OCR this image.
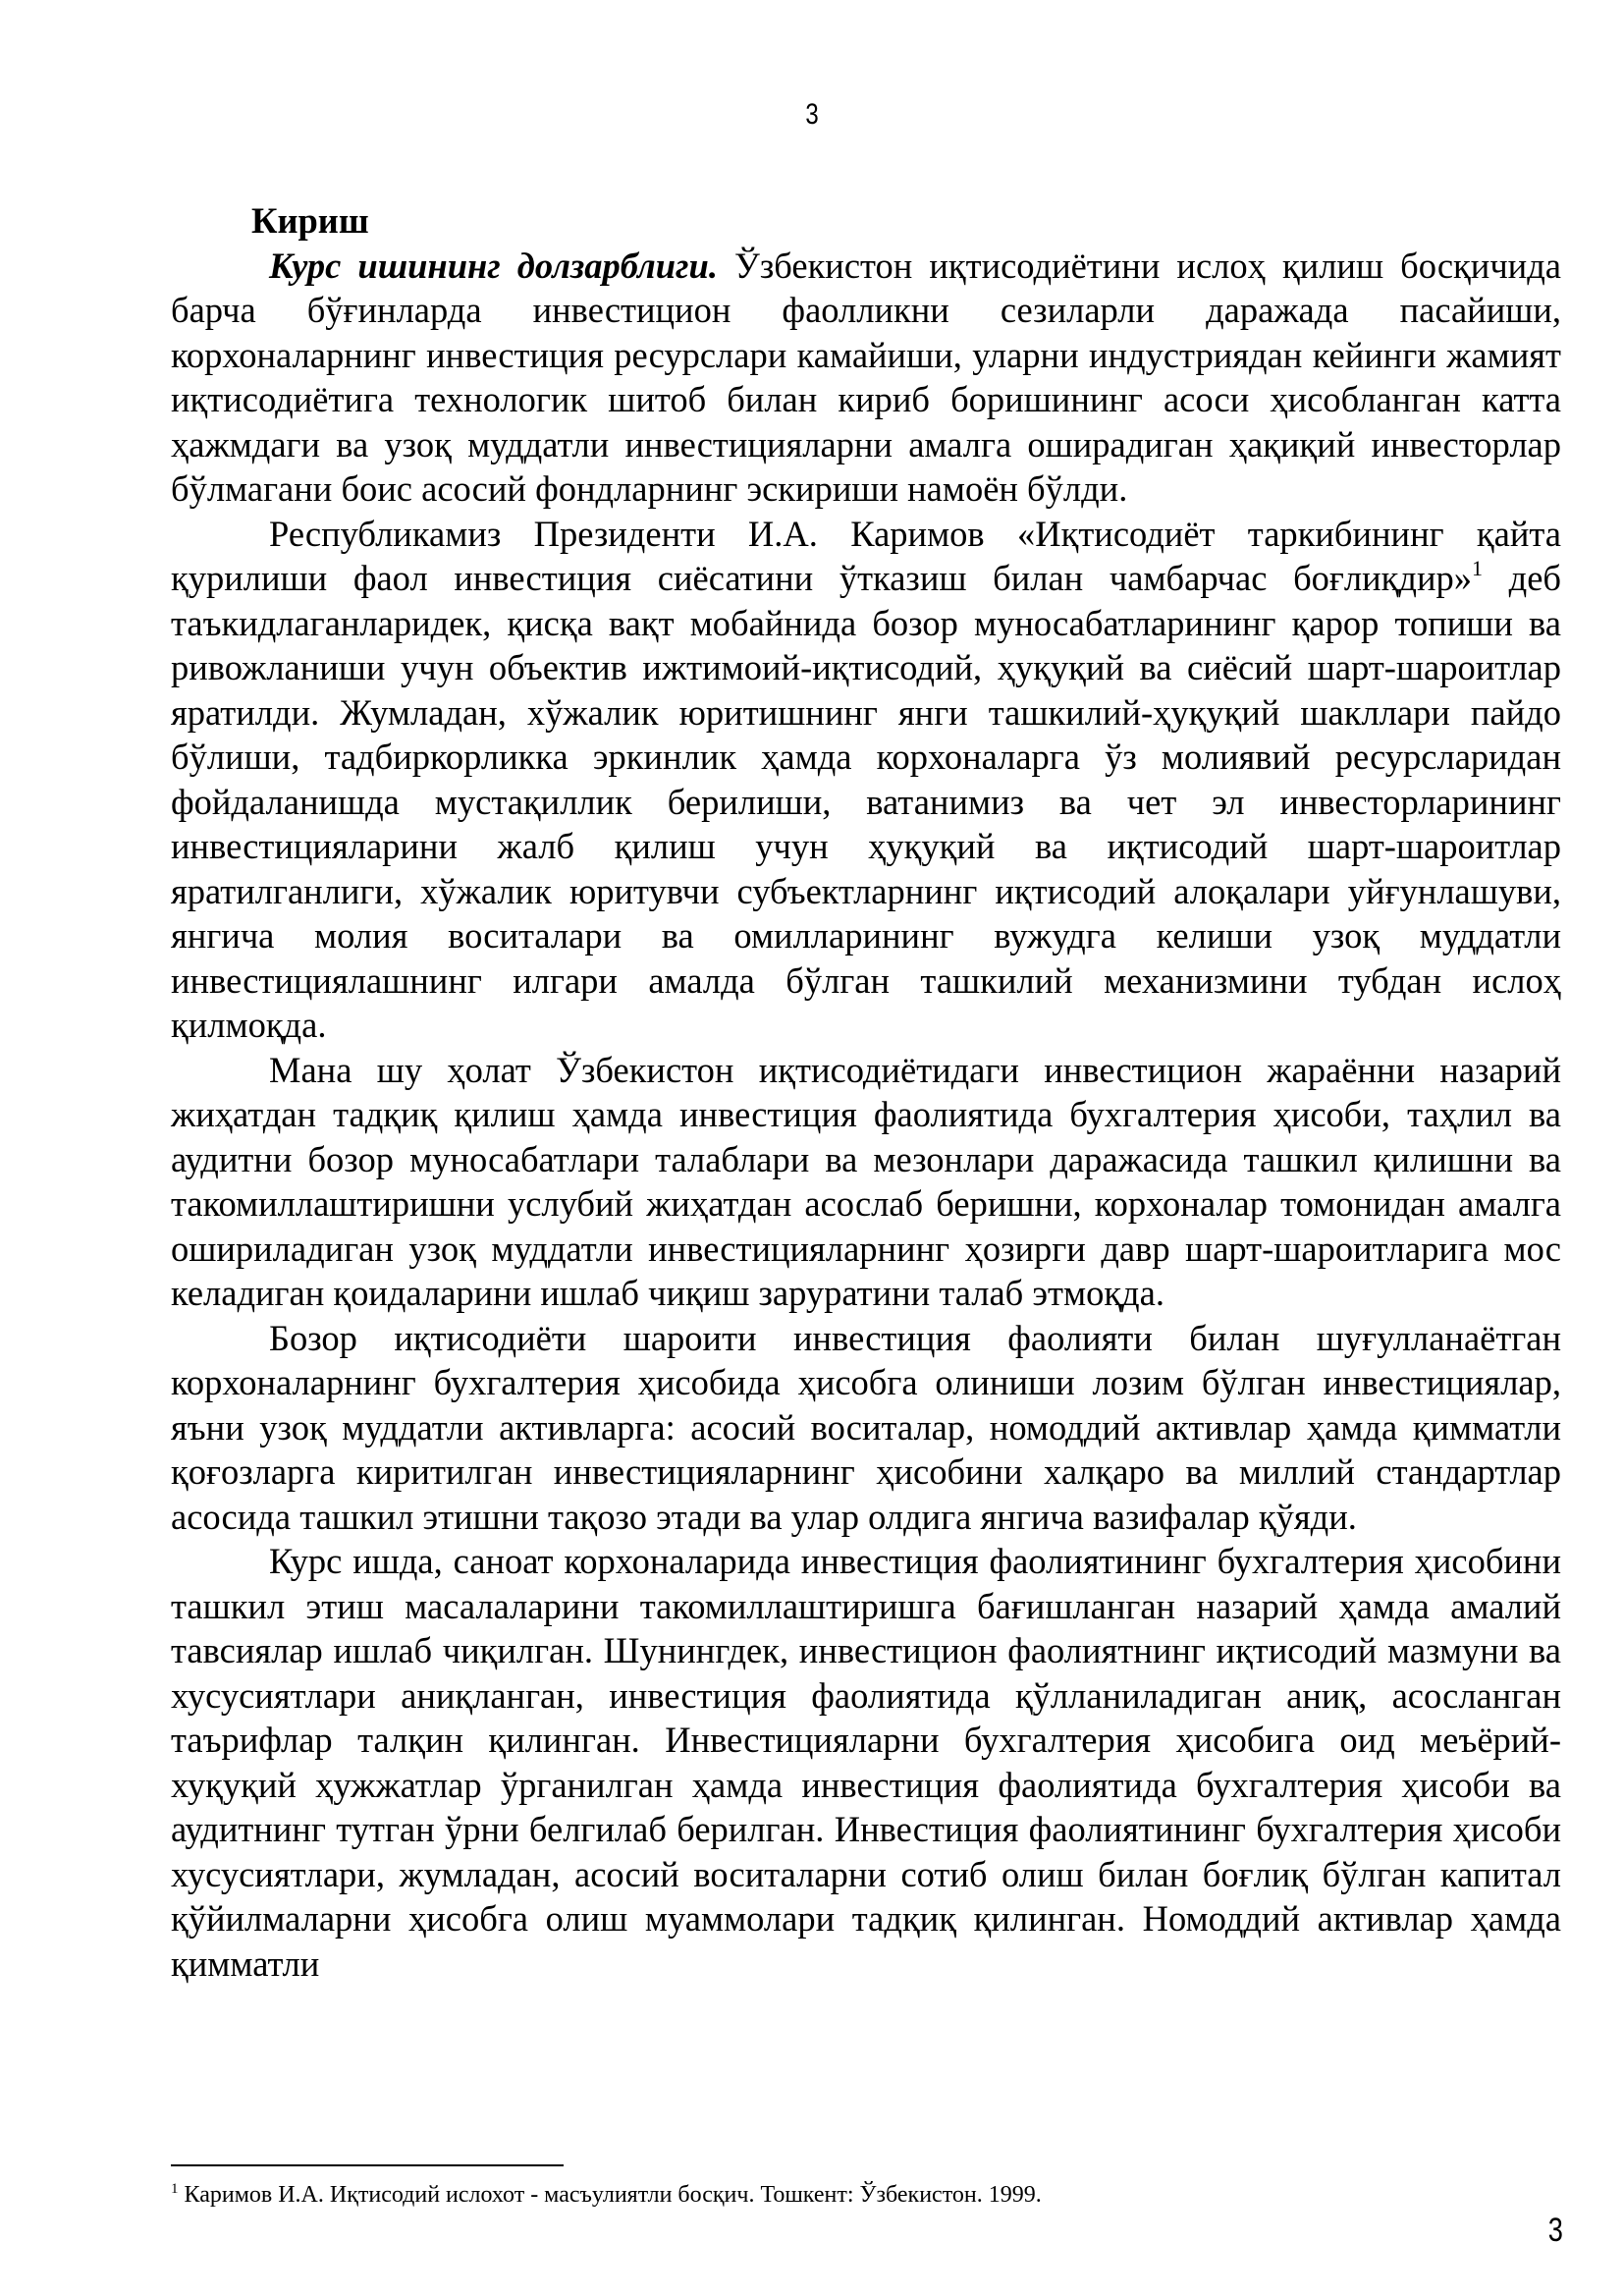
3

Кириш

Курс ишининг долзарблиги. Ўзбекистон иқтисодиётини ислоҳ қилиш босқичида барча бўғинларда инвестицион фаолликни сезиларли даражада пасайиши, корхоналарнинг инвестиция ресурслари камайиши, уларни индустриядан кейинги жамият иқтисодиётига технологик шитоб билан кириб боришининг асоси ҳисобланган катта ҳажмдаги ва узоқ муддатли инвестицияларни амалга оширадиган ҳақиқий инвесторлар бўлмагани боис асосий фондларнинг эскириши намоён бўлди.

Республикамиз Президенти И.А. Каримов «Иқтисодиёт таркибининг қайта қурилиши фаол инвестиция сиёсатини ўтказиш билан чамбарчас боғлиқдир»$^1$ деб таъкидлаганларидек, қисқа вақт мобайнида бозор муносабатларининг қарор топиши ва ривожланиши учун объектив ижтимоий-иқтисодий, ҳуқуқий ва сиёсий шарт-шароитлар яратилди. Жумладан, хўжалик юритишнинг янги ташкилий-ҳуқуқий шакллари пайдо бўлиши, тадбиркорликка эркинлик ҳамда корхоналарга ўз молиявий ресурсларидан фойдаланишда мустақиллик берилиши, ватанимиз ва чет эл инвесторларининг инвестицияларини жалб қилиш учун ҳуқуқий ва иқтисодий шарт-шароитлар яратилганлиги, хўжалик юритувчи субъектларнинг иқтисодий алоқалари уйғунлашуви, янгича молия воситалари ва омилларининг вужудга келиши узоқ муддатли инвестициялашнинг илгари амалда бўлган ташкилий механизмини тубдан ислоҳ қилмоқда.

Мана шу ҳолат Ўзбекистон иқтисодиётидаги инвестицион жараённи назарий жиҳатдан тадқиқ қилиш ҳамда инвестиция фаолиятида бухгалтерия ҳисоби, таҳлил ва аудитни бозор муносабатлари талаблари ва мезонлари даражасида ташкил қилишни ва такомиллаштиришни услубий жиҳатдан асослаб беришни, корхоналар томонидан амалга ошириладиган узоқ муддатли инвестицияларнинг ҳозирги давр шарт-шароитларига мос келадиган қоидаларини ишлаб чиқиш заруратини талаб этмоқда.

Бозор иқтисодиёти шароити инвестиция фаолияти билан шуғулланаётган корхоналарнинг бухгалтерия ҳисобида ҳисобга олиниши лозим бўлган инвестициялар, яъни узоқ муддатли активларга: асосий воситалар, номоддий активлар ҳамда қимматли қоғозларга киритилган инвестицияларнинг ҳисобини халқаро ва миллий стандартлар асосида ташкил этишни тақозо этади ва улар олдига янгича вазифалар қўяди.

Курс ишда, саноат корхоналарида инвестиция фаолиятининг бухгалтерия ҳисобини ташкил этиш масалаларини такомиллаштиришга бағишланган назарий ҳамда амалий тавсиялар ишлаб чиқилган. Шунингдек, инвестицион фаолиятнинг иқтисодий мазмуни ва хусусиятлари аниқланган, инвестиция фаолиятида қўлланиладиган аниқ, асосланган таърифлар талқин қилинган. Инвестицияларни бухгалтерия ҳисобига оид меъёрий-хуқуқий ҳужжатлар ўрганилган ҳамда инвестиция фаолиятида бухгалтерия ҳисоби ва аудитнинг тутган ўрни белгилаб берилган. Инвестиция фаолиятининг бухгалтерия ҳисоби хусусиятлари, жумладан, асосий воситаларни сотиб олиш билан боғлиқ бўлган капитал қўйилмаларни ҳисобга олиш муаммолари тадқиқ қилинган. Номоддий активлар ҳамда қимматли

$^1$ Каримов И.А. Иқтисодий ислохот - масъулиятли босқич. Тошкент: Ўзбекистон. 1999.
3
